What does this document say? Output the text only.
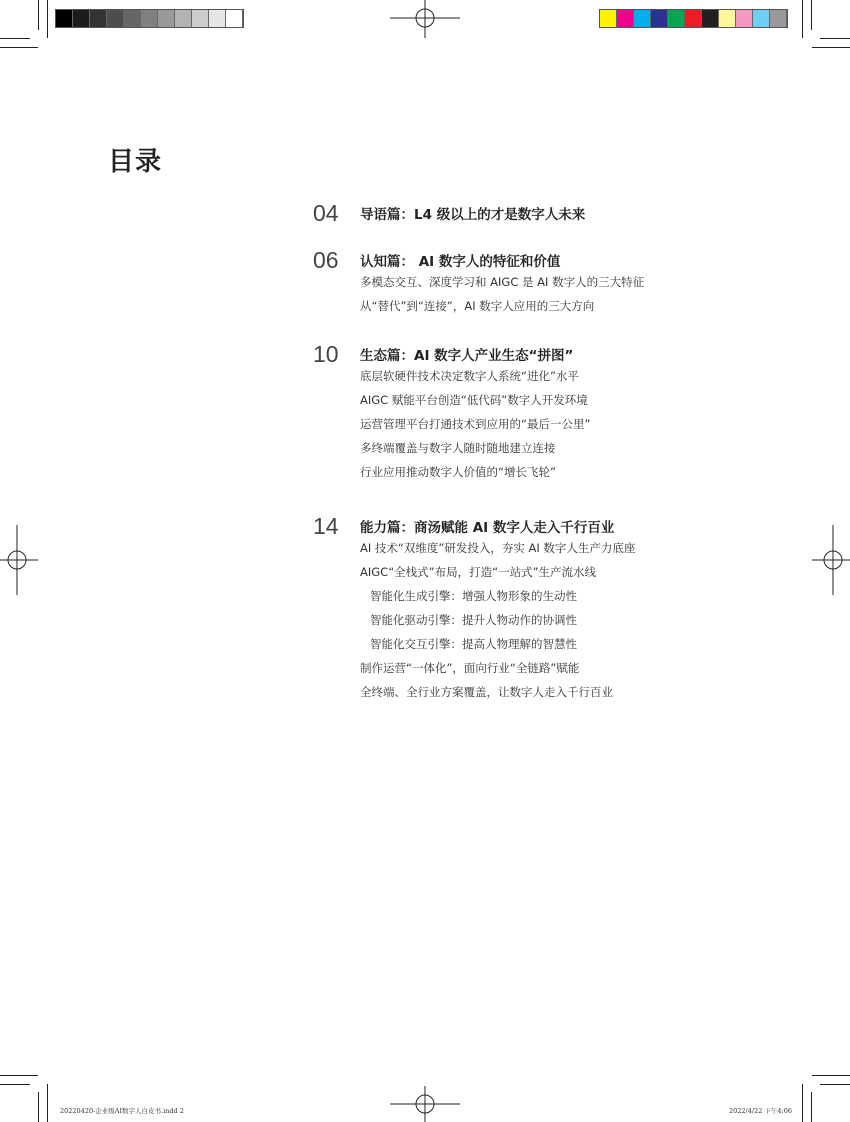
目录
04 导语篇：L4 级以上的才是数字人未来
06 认知篇： AI 数字人的特征和价值
多模态交互、深度学习和 AIGC 是 AI 数字人的三大特征
从“替代”到“连接”，AI 数字人应用的三大方向
10 生态篇：AI 数字人产业生态“拼图”
底层软硬件技术决定数字人系统“进化”水平
AIGC 赋能平台创造“低代码”数字人开发环境
运营管理平台打通技术到应用的“最后一公里”
多终端覆盖与数字人随时随地建立连接
行业应用推动数字人价值的“增长飞轮”
14 能力篇：商汤赋能 AI 数字人走入千行百业
AI 技术“双维度”研发投入，夯实 AI 数字人生产力底座
AIGC“全栈式”布局，打造“一站式”生产流水线
智能化生成引擎：增强人物形象的生动性
智能化驱动引擎：提升人物动作的协调性
智能化交互引擎：提高人物理解的智慧性
制作运营“一体化”，面向行业“全链路”赋能
全终端、全行业方案覆盖，让数字人走入千行百业
20220420-企业级AI数字人白皮书.indd 2	2022/4/22 下午4:06
